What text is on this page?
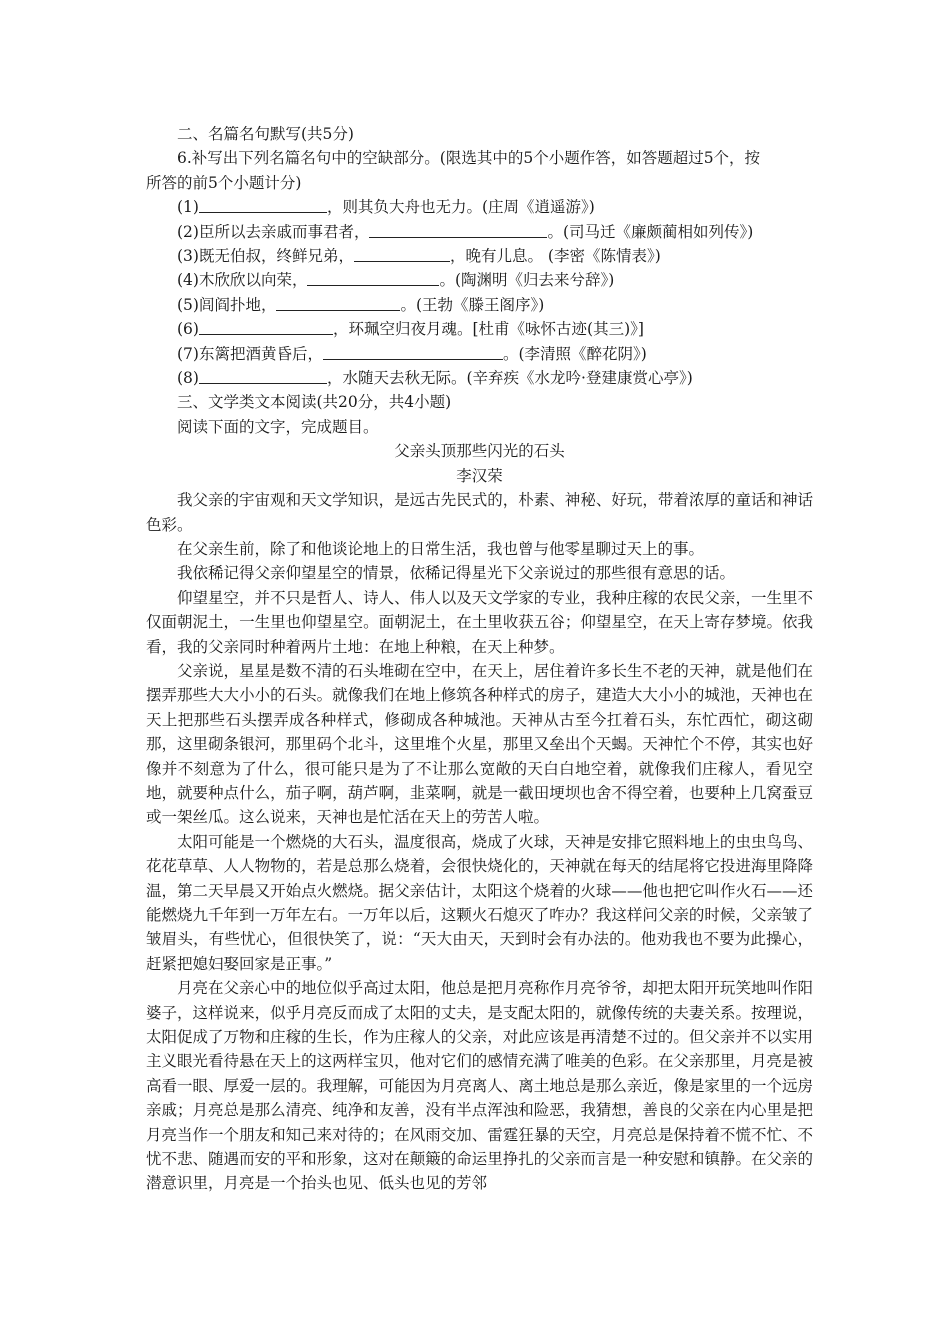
二、名篇名句默写(共5分)
6.补写出下列名篇名句中的空缺部分。(限选其中的5个小题作答，如答题超过5个，按
所答的前5个小题计分)
(1)	，则其负大舟也无力。(庄周《逍遥游》)
(2)臣所以去亲戚而事君者，	。(司马迁《廉颇蔺相如列传》)
(3)既无伯叔，终鲜兄弟，	，晚有儿息。 (李密《陈情表》)
(4)木欣欣以向荣，	。(陶渊明《归去来兮辞》)
(5)闾阎扑地，	。(王勃《滕王阁序》)
(6)	，环珮空归夜月魂。[杜甫《咏怀古迹(其三)》]
(7)东篱把酒黄昏后，	。(李清照《醉花阴》)
(8)	，水随天去秋无际。(辛弃疾《水龙吟·登建康赏心亭》)
三、文学类文本阅读(共20分，共4小题)
阅读下面的文字，完成题目。
父亲头顶那些闪光的石头
李汉荣
我父亲的宇宙观和天文学知识，是远古先民式的，朴素、神秘、好玩，带着浓厚的童话和神话色彩。
在父亲生前，除了和他谈论地上的日常生活，我也曾与他零星聊过天上的事。
我依稀记得父亲仰望星空的情景，依稀记得星光下父亲说过的那些很有意思的话。
仰望星空，并不只是哲人、诗人、伟人以及天文学家的专业，我种庄稼的农民父亲，一生里不仅面朝泥土，一生里也仰望星空。面朝泥土，在土里收获五谷；仰望星空，在天上寄存梦境。依我看，我的父亲同时种着两片土地：在地上种粮，在天上种梦。
父亲说，星星是数不清的石头堆砌在空中，在天上，居住着许多长生不老的天神，就是他们在摆弄那些大大小小的石头。就像我们在地上修筑各种样式的房子，建造大大小小的城池，天神也在天上把那些石头摆弄成各种样式，修砌成各种城池。天神从古至今扛着石头，东忙西忙，砌这砌那，这里砌条银河，那里码个北斗，这里堆个火星，那里又垒出个天蝎。天神忙个不停，其实也好像并不刻意为了什么，很可能只是为了不让那么宽敞的天白白地空着，就像我们庄稼人，看见空地，就要种点什么，茄子啊，葫芦啊，韭菜啊，就是一截田埂坝也舍不得空着，也要种上几窝蚕豆或一架丝瓜。这么说来，天神也是忙活在天上的劳苦人啦。
太阳可能是一个燃烧的大石头，温度很高，烧成了火球，天神是安排它照料地上的虫虫鸟鸟、花花草草、人人物物的，若是总那么烧着，会很快烧化的，天神就在每天的结尾将它投进海里降降温，第二天早晨又开始点火燃烧。据父亲估计，太阳这个烧着的火球——他也把它叫作火石——还能燃烧九千年到一万年左右。一万年以后，这颗火石熄灭了咋办？我这样问父亲的时候，父亲皱了皱眉头，有些忧心，但很快笑了，说：“天大由天，天到时会有办法的。他劝我也不要为此操心，赶紧把媳妇娶回家是正事。”
月亮在父亲心中的地位似乎高过太阳，他总是把月亮称作月亮爷爷，却把太阳开玩笑地叫作阳婆子，这样说来，似乎月亮反而成了太阳的丈夫，是支配太阳的，就像传统的夫妻关系。按理说，太阳促成了万物和庄稼的生长，作为庄稼人的父亲，对此应该是再清楚不过的。但父亲并不以实用主义眼光看待悬在天上的这两样宝贝，他对它们的感情充满了唯美的色彩。在父亲那里，月亮是被高看一眼、厚爱一层的。我理解，可能因为月亮离人、离土地总是那么亲近，像是家里的一个远房亲戚；月亮总是那么清亮、纯净和友善，没有半点浑浊和险恶，我猜想，善良的父亲在内心里是把月亮当作一个朋友和知己来对待的；在风雨交加、雷霆狂暴的天空，月亮总是保持着不慌不忙、不忧不悲、随遇而安的平和形象，这对在颠簸的命运里挣扎的父亲而言是一种安慰和镇静。在父亲的潜意识里，月亮是一个抬头也见、低头也见的芳邻
